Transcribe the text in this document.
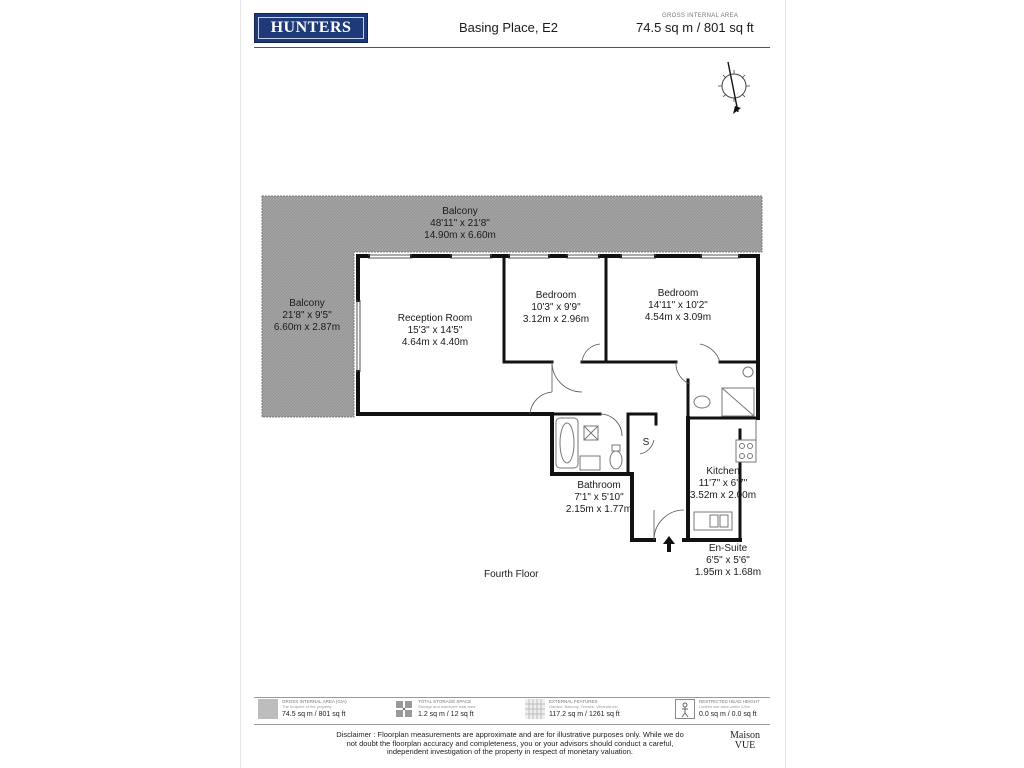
HUNTERS	Basing Place, E2
GROSS INTERNAL AREA
74.5 sq m / 801 sq ft
Balcony
48'11" x 21'8"
14.90m x 6.60m
Balcony
21'8" x 9'5"
6.60m x 2.87m
Reception Room
15'3" x 14'5"
4.64m x 4.40m
Bedroom
10'3" x 9'9"
3.12m x 2.96m
Bedroom
14'11" x 10'2"
4.54m x 3.09m
S
Bathroom
7'1" x 5'10"
2.15m x 1.77m
Kitchen
11'7" x 6'7"
3.52m x 2.00m
En-Suite
6'5" x 5'6"
1.95m x 1.68m
Fourth Floor
GROSS INTERNAL AREA (GIA)
The footprint of the property
74.5 sq m / 801 sq ft
TOTAL STORAGE SPACE
Storage and wardrobe total area
1.2 sq m / 12 sq ft
EXTERNAL FEATURES
Garden, Balcony, Terrace, Veranda etc
117.2 sq m / 1261 sq ft
RESTRICTED HEAD HEIGHT
Limited use area under 1.5m
0.0 sq m / 0.0 sq ft
Disclaimer : Floorplan measurements are approximate and are for illustrative purposes only. While we do not doubt the floorplan accuracy and completeness, you or your advisors should conduct a careful, independent investigation of the property in respect of monetary valuation.
Maison
VUE
